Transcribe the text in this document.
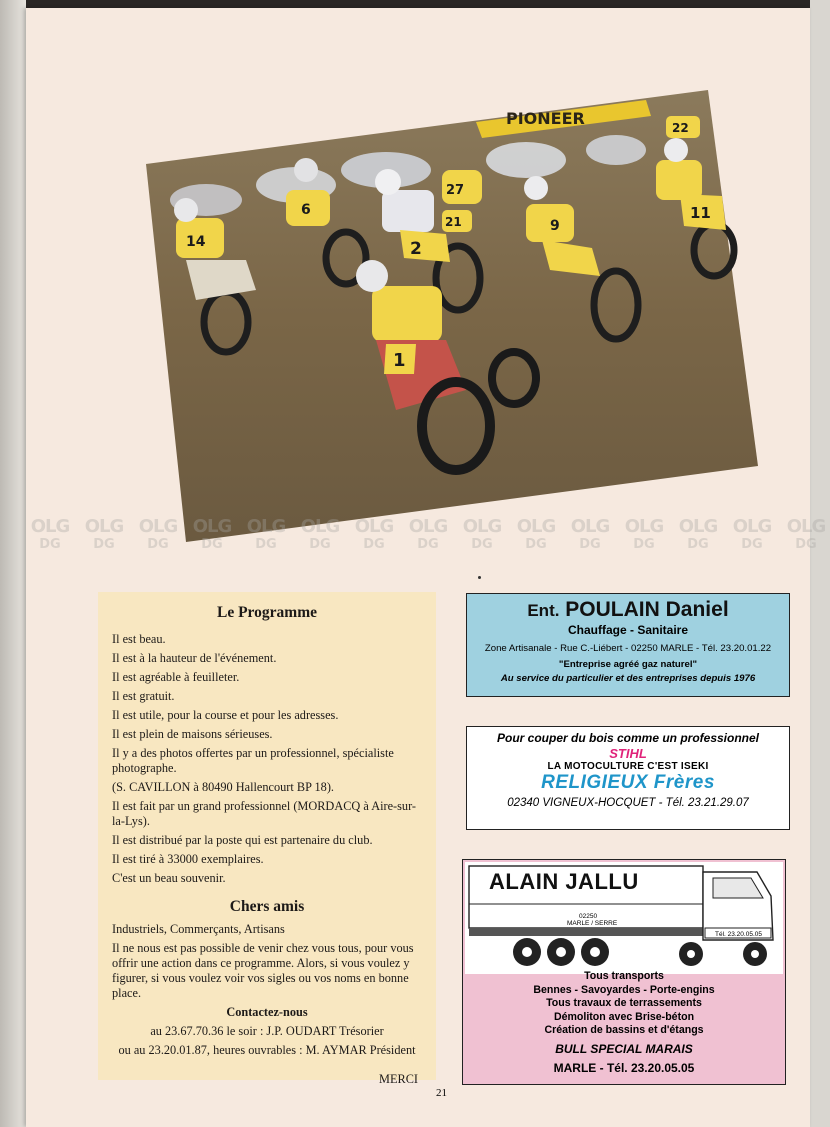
PIONEER
14
6
2
27
21	9
11
22
1
OLG
DG
OLG
DG
OLG
DG
OLG
DG
OLG
DG
OLG
DG
OLG
DG
OLG
DG
OLG
DG
OLG
DG
OLG
DG
OLG
DG
OLG
DG
OLG
DG
OLG
DG
Le Programme

Il est beau.

Il est à la hauteur de l'événement.

Il est agréable à feuilleter.

Il est gratuit.

Il est utile, pour la course et pour les adresses.

Il est plein de maisons sérieuses.

Il y a des photos offertes par un professionnel, spécialiste photographe.

(S. CAVILLON à 80490 Hallencourt BP 18).

Il est fait par un grand professionnel (MORDACQ à Aire-sur-la-Lys).

Il est distribué par la poste qui est partenaire du club.

Il est tiré à 33000 exemplaires.

C'est un beau souvenir.

Chers amis

Industriels, Commerçants, Artisans

Il ne nous est pas possible de venir chez vous tous, pour vous offrir une action dans ce programme. Alors, si vous voulez y figurer, si vous voulez voir vos sigles ou vos noms en bonne place.

Contactez-nous

au 23.67.70.36 le soir : J.P. OUDART Trésorier

ou au 23.20.01.87, heures ouvrables : M. AYMAR Président

MERCI

Ent. POULAIN Daniel
Chauffage - Sanitaire
Zone Artisanale - Rue C.-Liébert - 02250 MARLE - Tél. 23.20.01.22
"Entreprise agréé gaz naturel"
Au service du particulier et des entreprises depuis 1976
Pour couper du bois comme un professionnel
STIHL
LA MOTOCULTURE C'EST ISEKI
RELIGIEUX Frères
02340 VIGNEUX-HOCQUET - Tél. 23.21.29.07
ALAIN JALLU
02250
MARLE / SERRE
Tél. 23.20.05.05
Tous transports
Bennes - Savoyardes - Porte-engins
Tous travaux de terrassements
Démoliton avec Brise-béton
Création de bassins et d'étangs
BULL SPECIAL MARAIS
MARLE - Tél. 23.20.05.05
21
